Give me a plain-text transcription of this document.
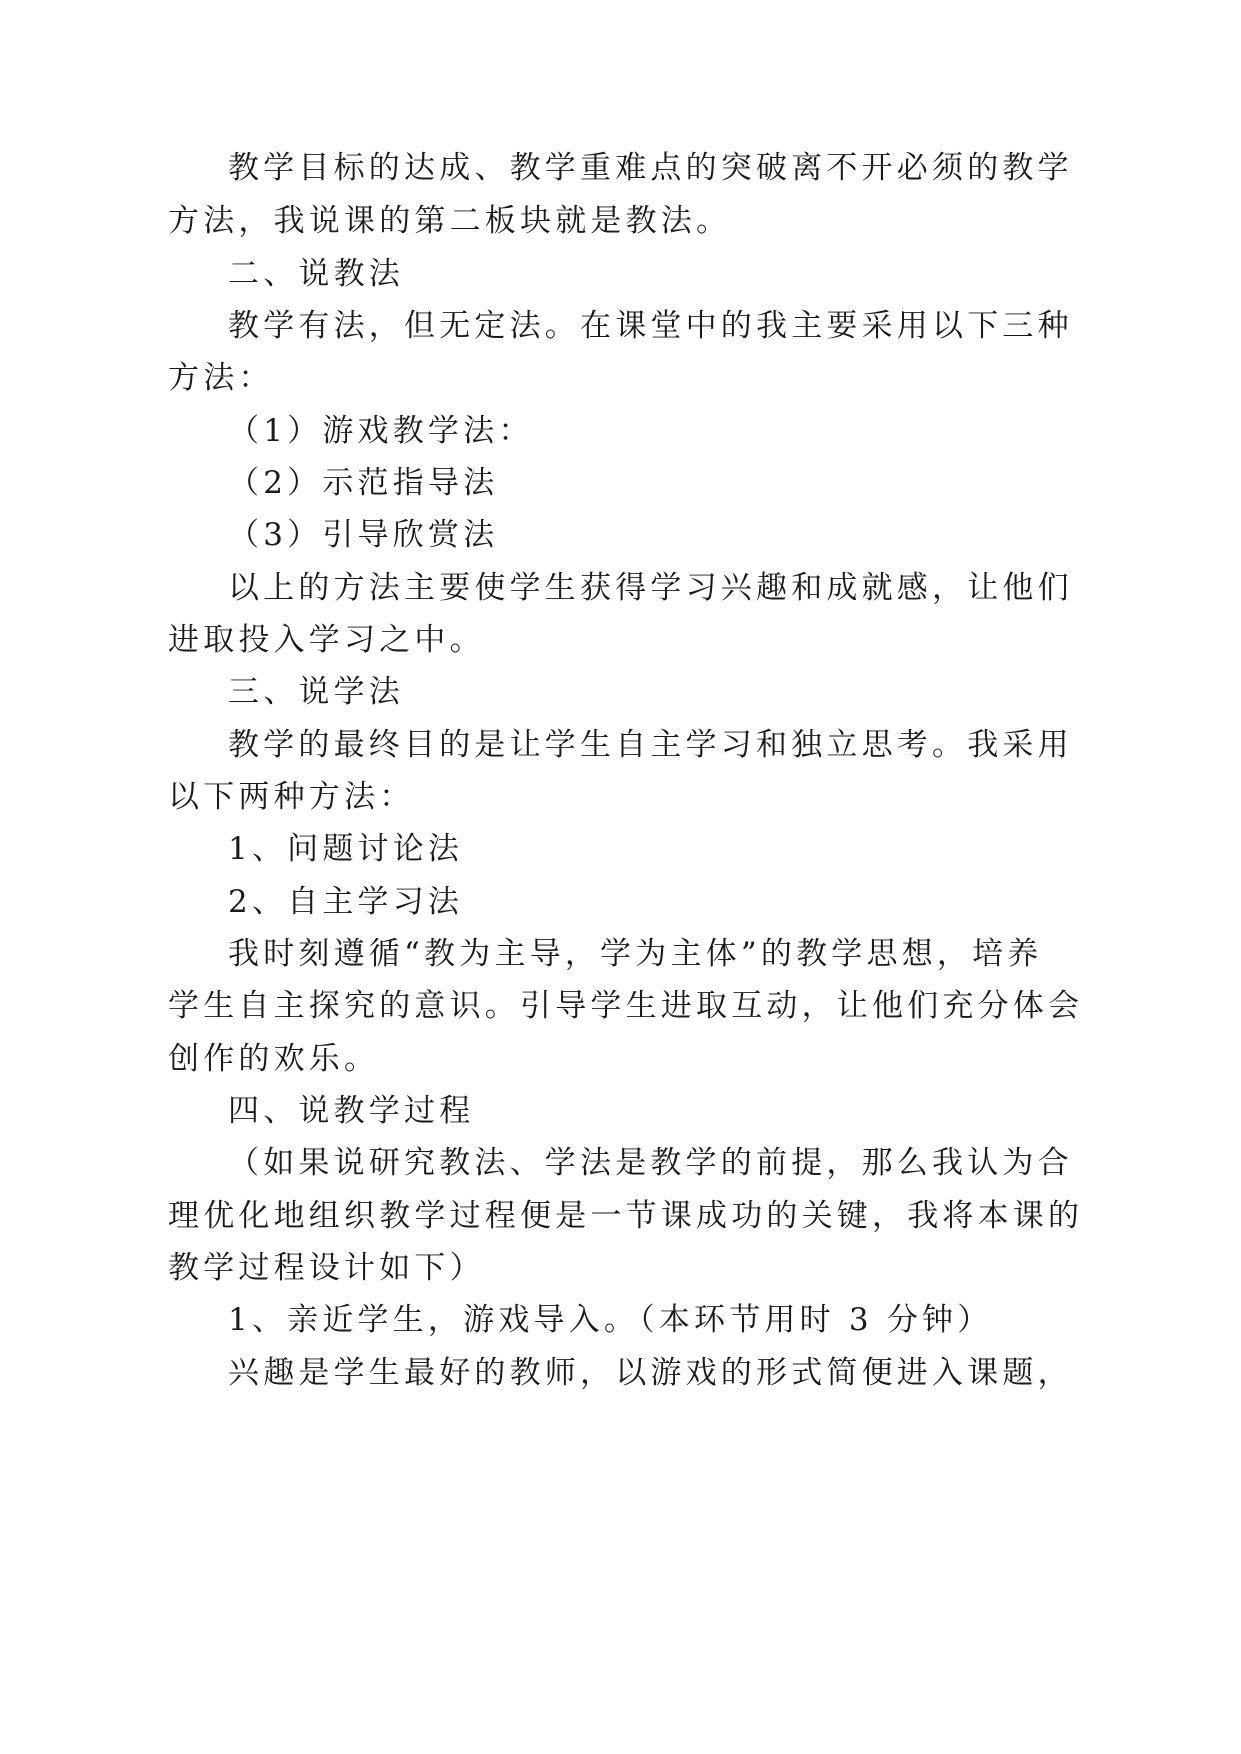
教学目标的达成、教学重难点的突破离不开必须的教学
方法，我说课的第二板块就是教法。
二、说教法
教学有法，但无定法。在课堂中的我主要采用以下三种
方法：
（1）游戏教学法：
（2）示范指导法
（3）引导欣赏法
以上的方法主要使学生获得学习兴趣和成就感，让他们
进取投入学习之中。
三、说学法
教学的最终目的是让学生自主学习和独立思考。我采用
以下两种方法：
1、问题讨论法
2、自主学习法
我时刻遵循“教为主导，学为主体”的教学思想，培养
学生自主探究的意识。引导学生进取互动，让他们充分体会
创作的欢乐。
四、说教学过程
（如果说研究教法、学法是教学的前提，那么我认为合
理优化地组织教学过程便是一节课成功的关键，我将本课的
教学过程设计如下）
1、亲近学生，游戏导入。（本环节用时 3 分钟）
兴趣是学生最好的教师，以游戏的形式简便进入课题，
